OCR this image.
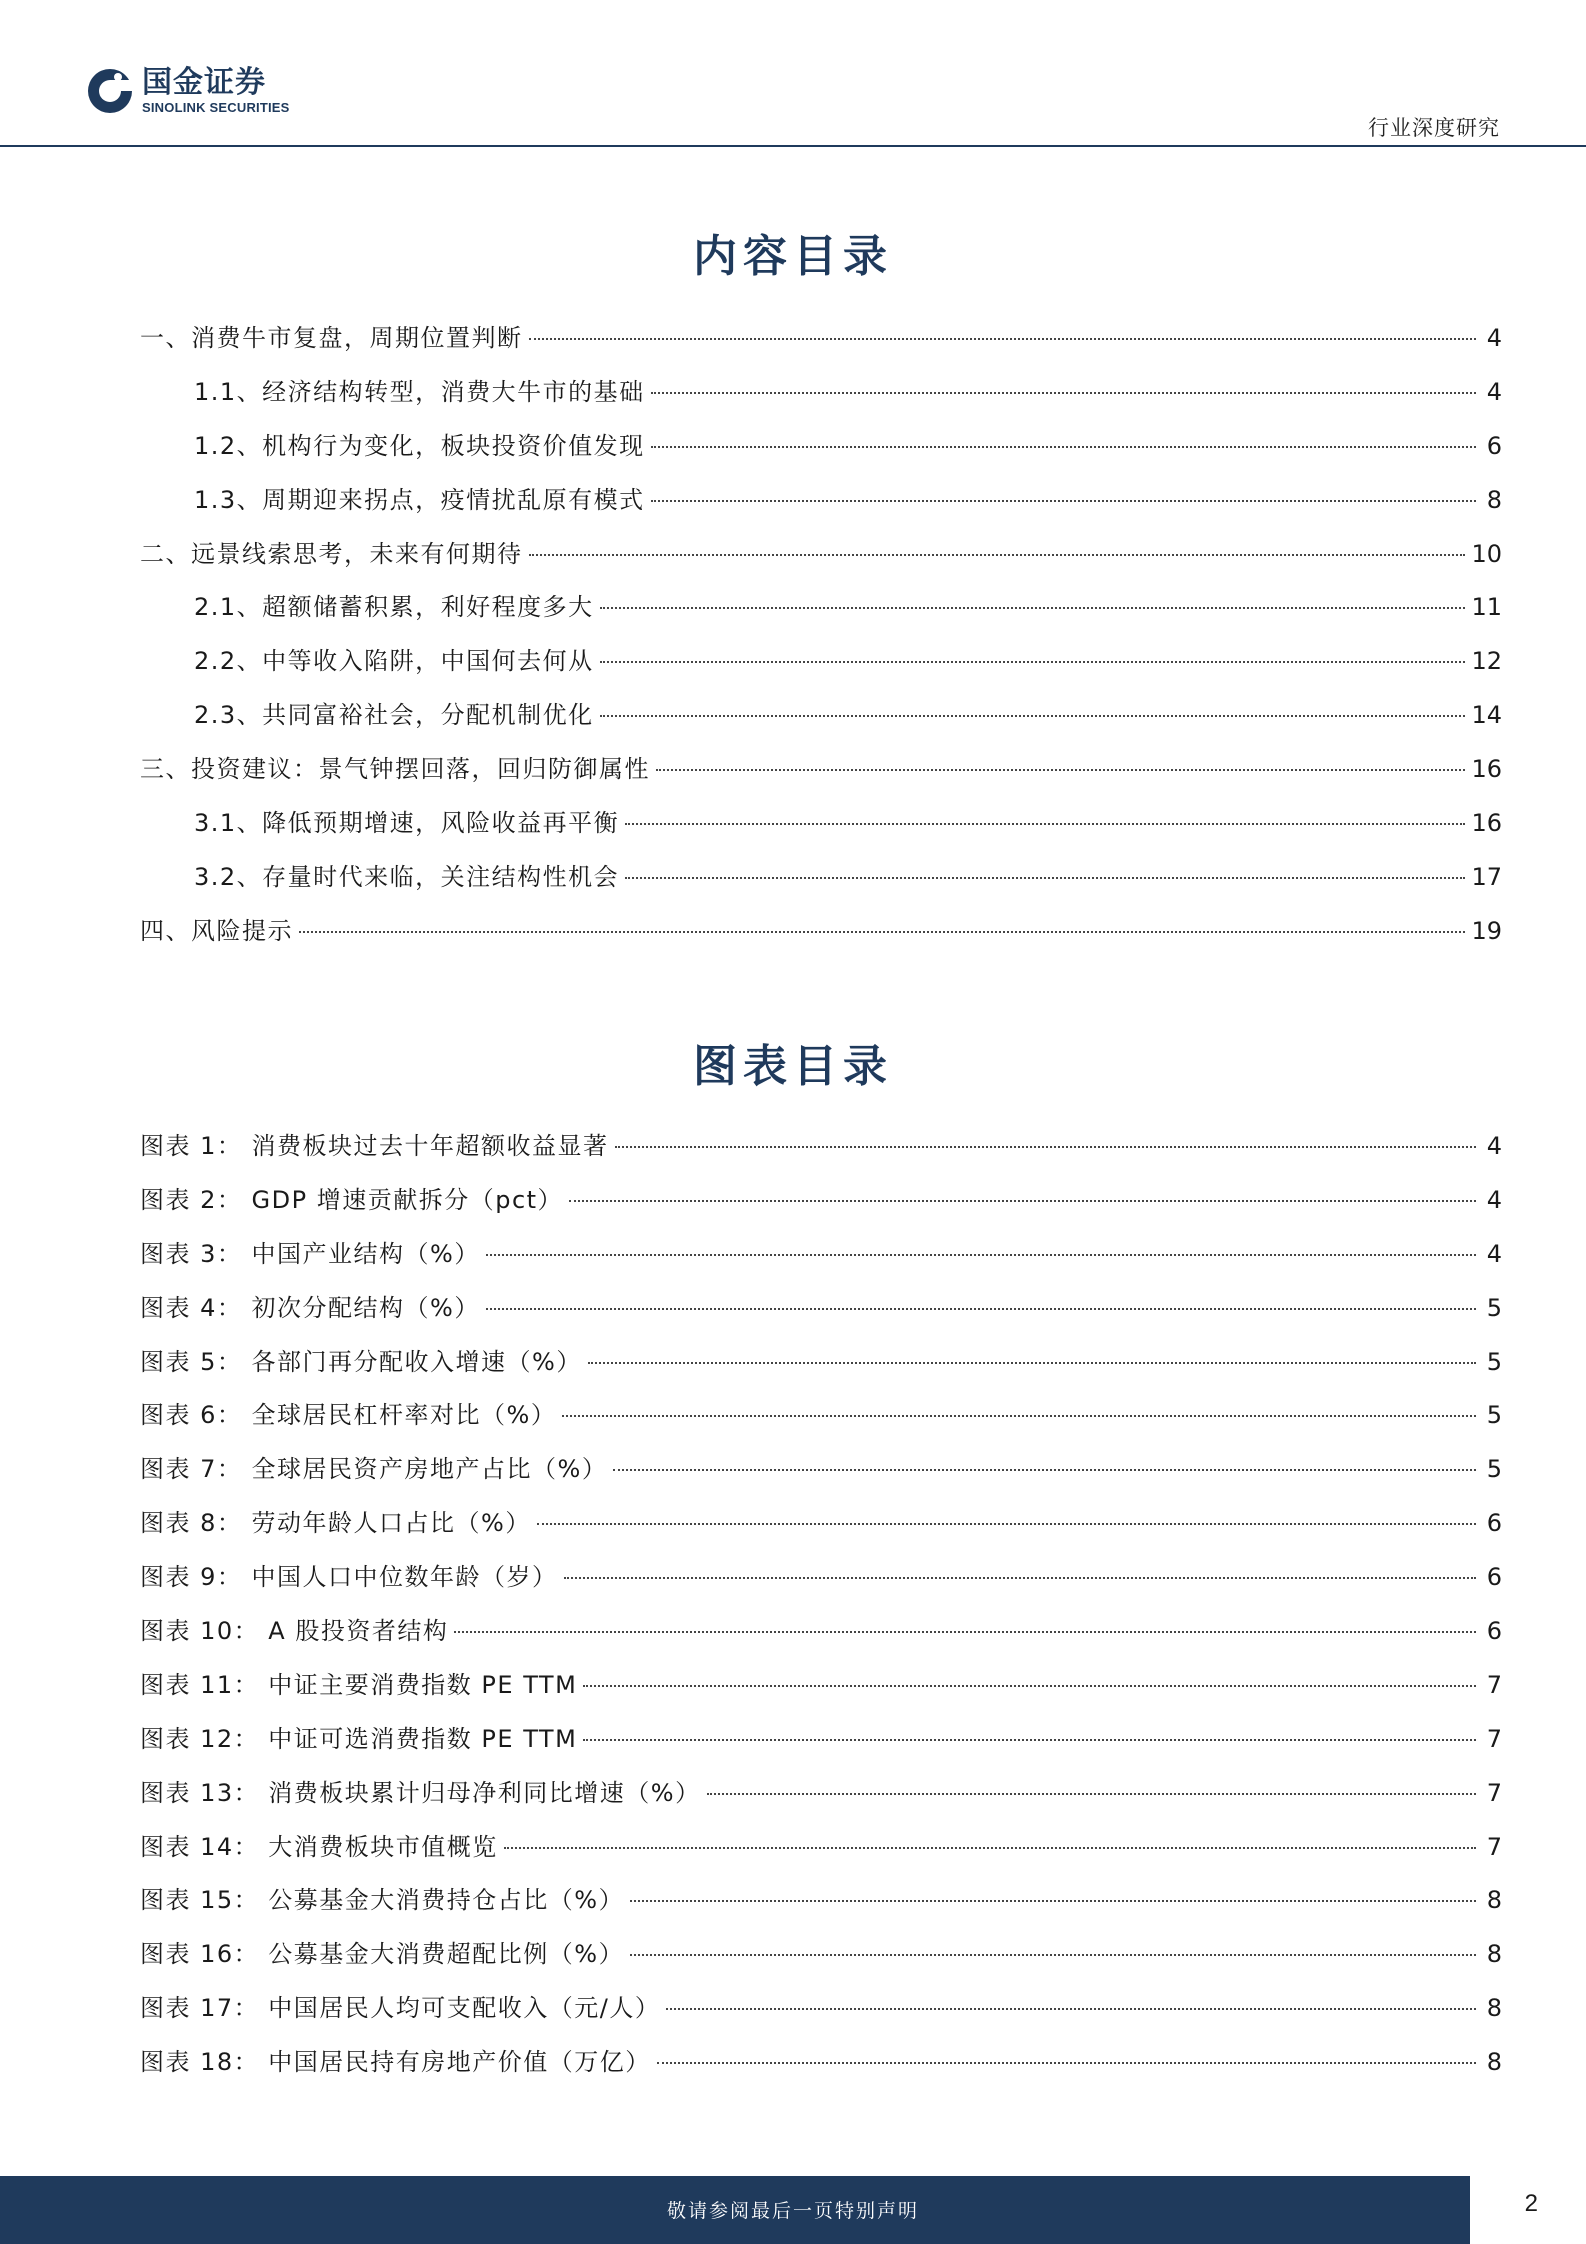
国金证券
SINOLINK SECURITIES
行业深度研究
内容目录
一、消费牛市复盘，周期位置判断	4
1.1、经济结构转型，消费大牛市的基础	4
1.2、机构行为变化，板块投资价值发现	6
1.3、周期迎来拐点，疫情扰乱原有模式	8
二、远景线索思考，未来有何期待	10
2.1、超额储蓄积累，利好程度多大	11
2.2、中等收入陷阱，中国何去何从	12
2.3、共同富裕社会，分配机制优化	14
三、投资建议：景气钟摆回落，回归防御属性	16
3.1、降低预期增速，风险收益再平衡	16
3.2、存量时代来临，关注结构性机会	17
四、风险提示	19
图表目录
图表 1： 消费板块过去十年超额收益显著	4
图表 2： GDP 增速贡献拆分（pct）	4
图表 3： 中国产业结构（%）	4
图表 4： 初次分配结构（%）	5
图表 5： 各部门再分配收入增速（%）	5
图表 6： 全球居民杠杆率对比（%）	5
图表 7： 全球居民资产房地产占比（%）	5
图表 8： 劳动年龄人口占比（%）	6
图表 9： 中国人口中位数年龄（岁）	6
图表 10： A 股投资者结构	6
图表 11： 中证主要消费指数 PE TTM	7
图表 12： 中证可选消费指数 PE TTM	7
图表 13： 消费板块累计归母净利同比增速（%）	7
图表 14： 大消费板块市值概览	7
图表 15： 公募基金大消费持仓占比（%）	8
图表 16： 公募基金大消费超配比例（%）	8
图表 17： 中国居民人均可支配收入（元/人）	8
图表 18： 中国居民持有房地产价值（万亿）	8
敬请参阅最后一页特别声明	2
